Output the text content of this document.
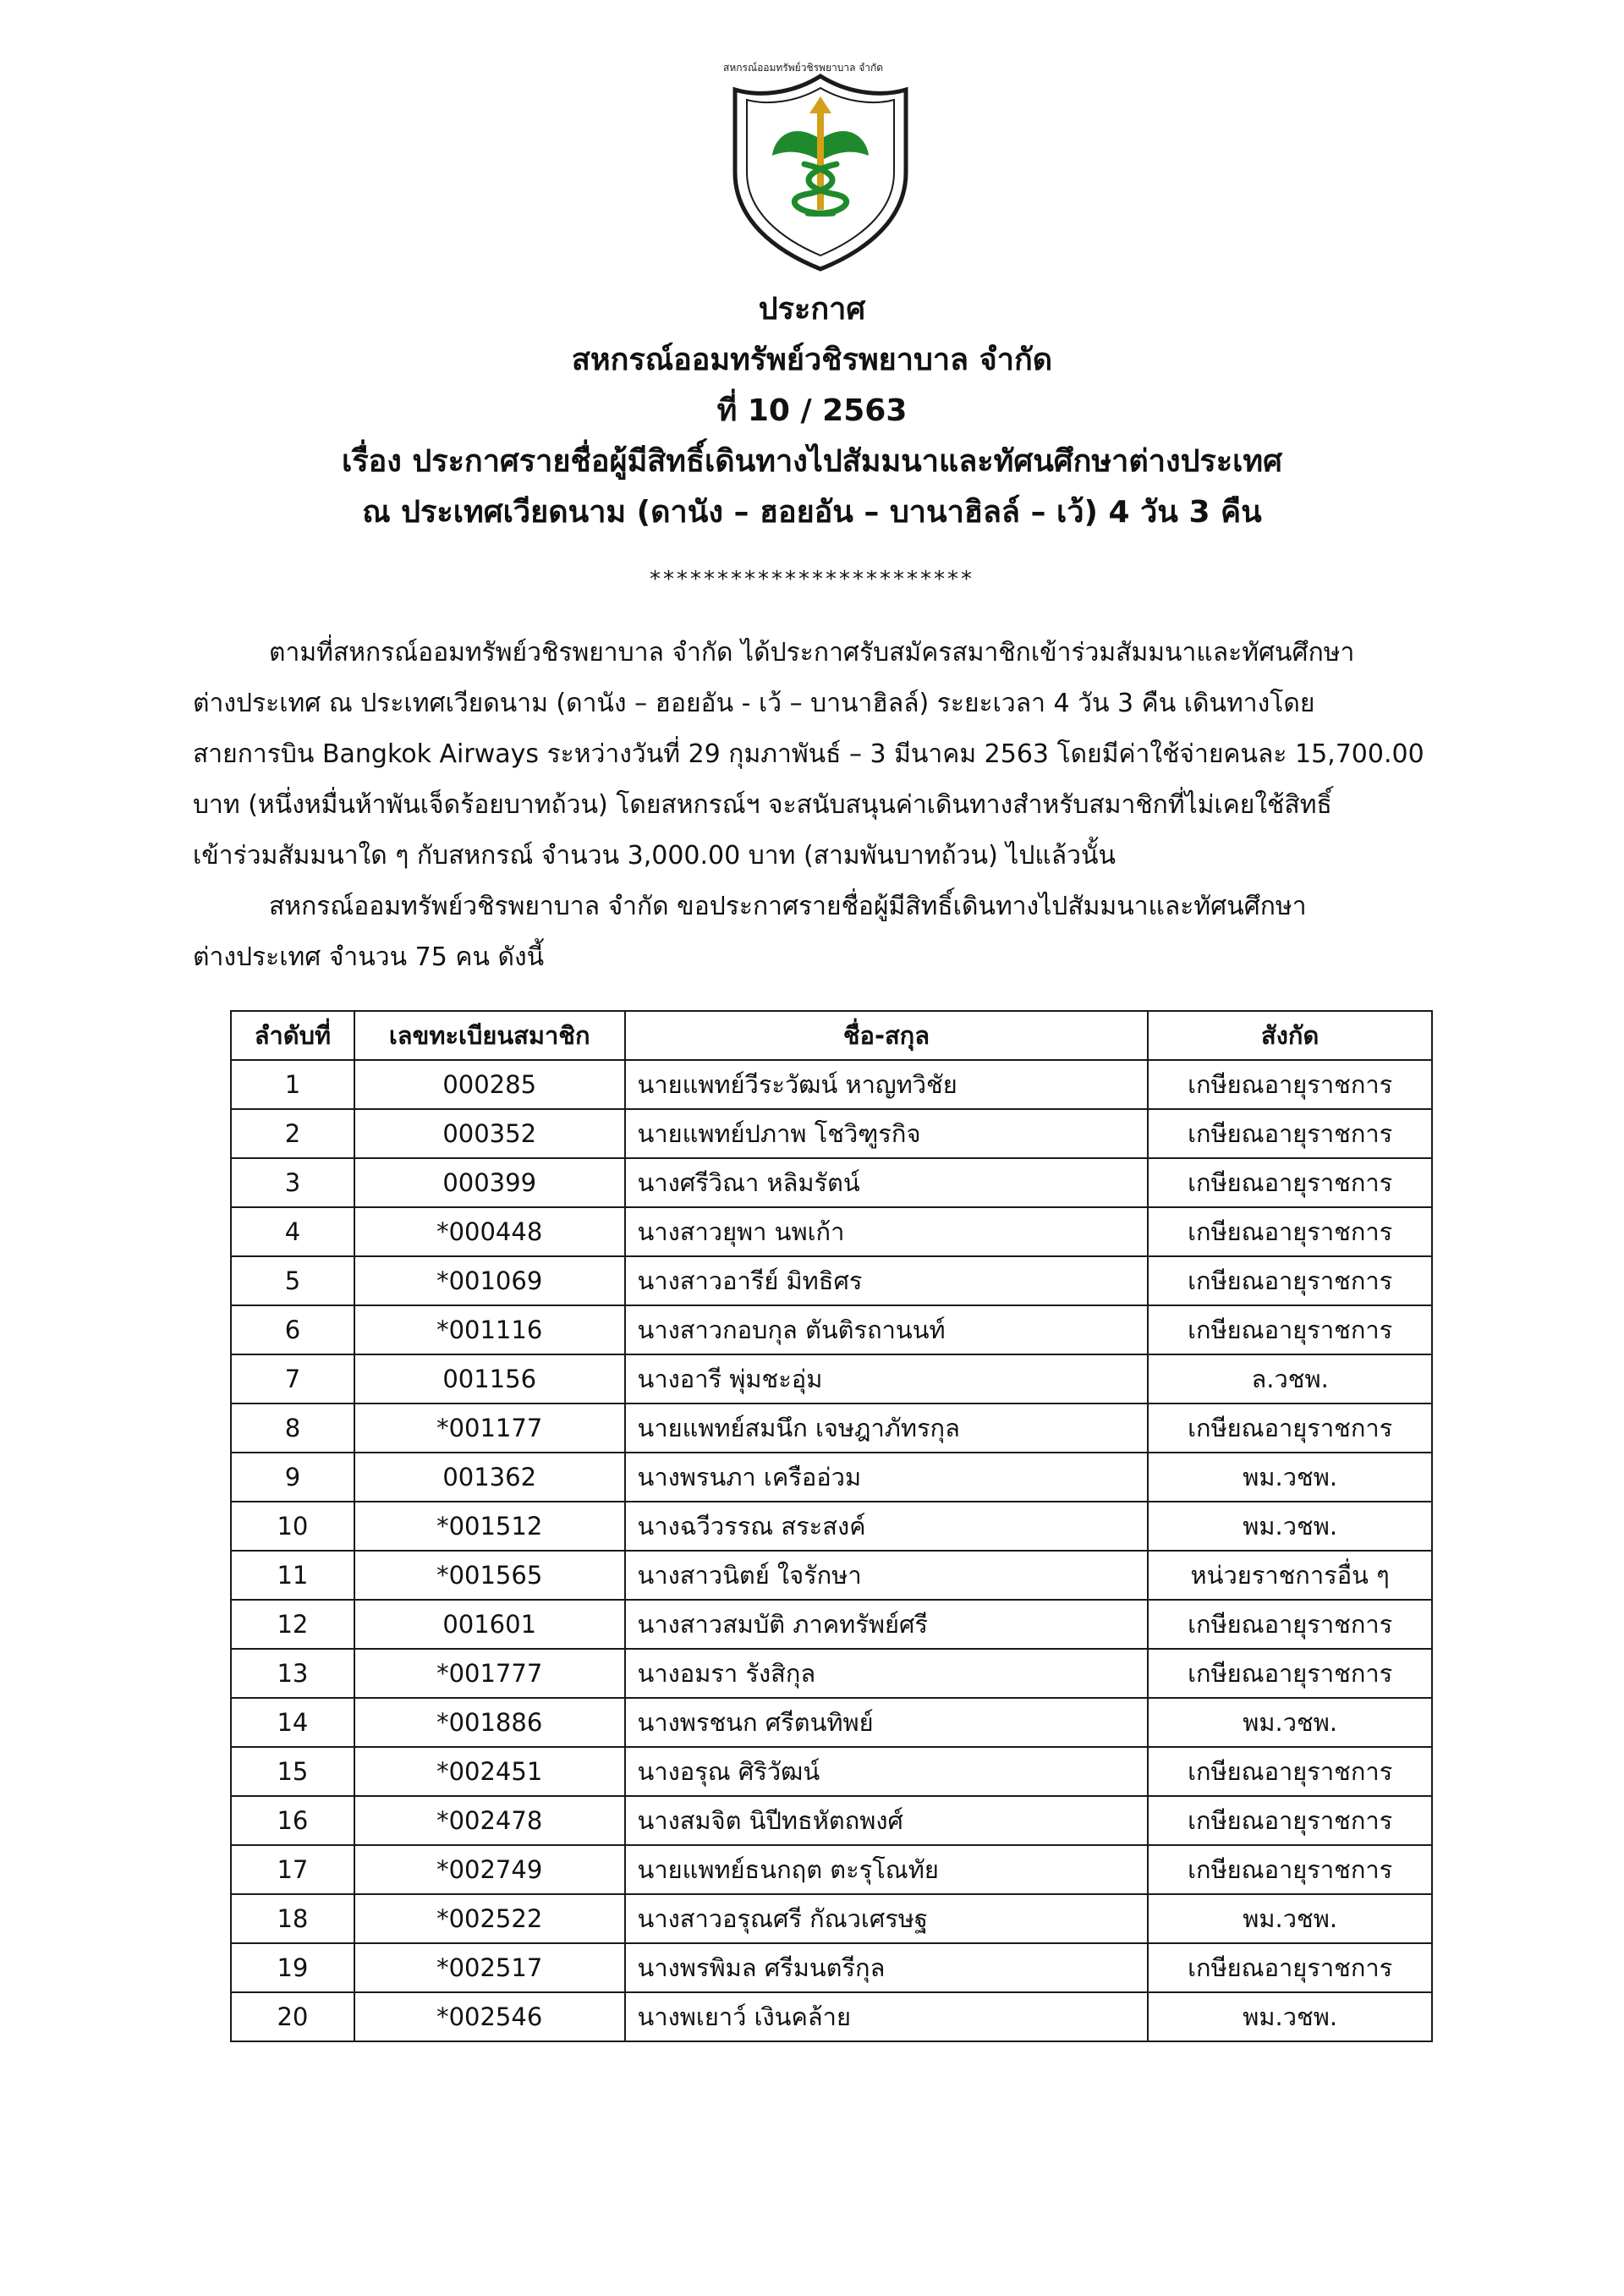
สหกรณ์ออมทรัพย์วชิรพยาบาล จำกัด
ประกาศ
สหกรณ์ออมทรัพย์วชิรพยาบาล จำกัด
ที่ 10 / 2563
เรื่อง ประกาศรายชื่อผู้มีสิทธิ์เดินทางไปสัมมนาและทัศนศึกษาต่างประเทศ
ณ ประเทศเวียดนาม (ดานัง – ฮอยอัน – บานาฮิลล์ – เว้) 4 วัน 3 คืน
************************

ตามที่สหกรณ์ออมทรัพย์วชิรพยาบาล จำกัด ได้ประกาศรับสมัครสมาชิกเข้าร่วมสัมมนาและทัศนศึกษา

ต่างประเทศ ณ ประเทศเวียดนาม (ดานัง – ฮอยอัน - เว้ – บานาฮิลล์) ระยะเวลา 4 วัน 3 คืน เดินทางโดย

สายการบิน Bangkok Airways ระหว่างวันที่ 29 กุมภาพันธ์ – 3 มีนาคม 2563 โดยมีค่าใช้จ่ายคนละ 15,700.00

บาท (หนึ่งหมื่นห้าพันเจ็ดร้อยบาทถ้วน) โดยสหกรณ์ฯ จะสนับสนุนค่าเดินทางสำหรับสมาชิกที่ไม่เคยใช้สิทธิ์

เข้าร่วมสัมมนาใด ๆ กับสหกรณ์ จำนวน 3,000.00 บาท (สามพันบาทถ้วน) ไปแล้วนั้น

สหกรณ์ออมทรัพย์วชิรพยาบาล จำกัด ขอประกาศรายชื่อผู้มีสิทธิ์เดินทางไปสัมมนาและทัศนศึกษา

ต่างประเทศ จำนวน 75 คน ดังนี้

ลำดับที่	เลขทะเบียนสมาชิก	ชื่อ-สกุล	สังกัด
1	000285	นายแพทย์วีระวัฒน์ หาญทวิชัย	เกษียณอายุราชการ
2	000352	นายแพทย์ปภาพ โชวิฑูรกิจ	เกษียณอายุราชการ
3	000399	นางศรีวิณา หลิมรัตน์	เกษียณอายุราชการ
4	*000448	นางสาวยุพา นพเก้า	เกษียณอายุราชการ
5	*001069	นางสาวอารีย์ มิทธิศร	เกษียณอายุราชการ
6	*001116	นางสาวกอบกุล ตันติรถานนท์	เกษียณอายุราชการ
7	001156	นางอารี พุ่มชะอุ่ม	ล.วชพ.
8	*001177	นายแพทย์สมนึก เจษฎาภัทรกุล	เกษียณอายุราชการ
9	001362	นางพรนภา เครืออ่วม	พม.วชพ.
10	*001512	นางฉวีวรรณ สระสงค์	พม.วชพ.
11	*001565	นางสาวนิตย์ ใจรักษา	หน่วยราชการอื่น ๆ
12	001601	นางสาวสมบัติ ภาคทรัพย์ศรี	เกษียณอายุราชการ
13	*001777	นางอมรา รังสิกุล	เกษียณอายุราชการ
14	*001886	นางพรชนก ศรีตนทิพย์	พม.วชพ.
15	*002451	นางอรุณ ศิริวัฒน์	เกษียณอายุราชการ
16	*002478	นางสมจิต นิปีทธหัตถพงศ์	เกษียณอายุราชการ
17	*002749	นายแพทย์ธนกฤต ตะรุโณทัย	เกษียณอายุราชการ
18	*002522	นางสาวอรุณศรี กัณวเศรษฐ	พม.วชพ.
19	*002517	นางพรพิมล ศรีมนตรีกุล	เกษียณอายุราชการ
20	*002546	นางพเยาว์ เงินคล้าย	พม.วชพ.
